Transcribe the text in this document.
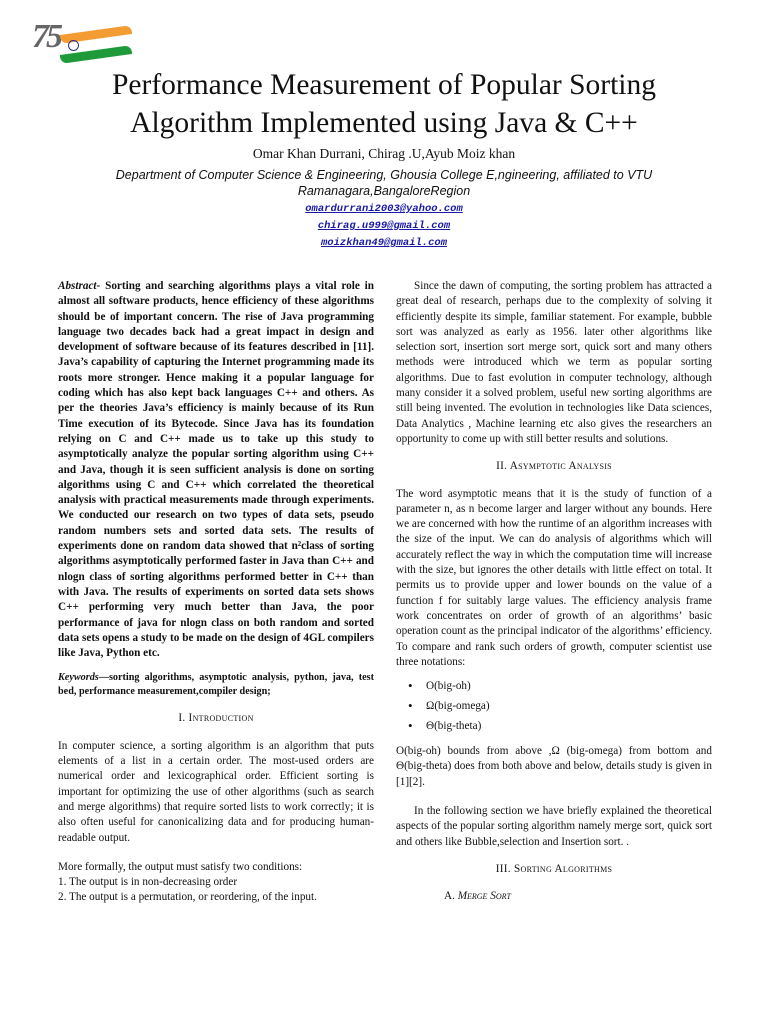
75
Performance Measurement of Popular Sorting Algorithm Implemented using Java & C++
Omar Khan Durrani, Chirag .U,Ayub Moiz khan
Department of Computer Science & Engineering, Ghousia College E,ngineering, affiliated to VTU Ramanagara,BangaloreRegion
omardurrani2003@yahoo.com
chirag.u999@gmail.com
moizkhan49@gmail.com

Abstract- Sorting and searching algorithms plays a vital role in almost all software products, hence efficiency of these algorithms should be of important concern. The rise of Java programming language two decades back had a great impact in design and development of software because of its features described in [11]. Java’s capability of capturing the Internet programming made its roots more stronger. Hence making it a popular language for coding which has also kept back languages C++ and others. As per the theories Java’s efficiency is mainly because of its Run Time execution of its Bytecode. Since Java has its foundation relying on C and C++ made us to take up this study to asymptotically analyze the popular sorting algorithm using C++ and Java, though it is seen sufficient analysis is done on sorting algorithms using C and C++ which correlated the theoretical analysis with practical measurements made through experiments. We conducted our research on two types of data sets, pseudo random numbers sets and sorted data sets. The results of experiments done on random data showed that n²class of sorting algorithms asymptotically performed faster in Java than C++ and nlogn class of sorting algorithms performed better in C++ than with Java. The results of experiments on sorted data sets shows C++ performing very much better than Java, the poor performance of java for nlogn class on both random and sorted data sets opens a study to be made on the design of 4GL compilers like Java, Python etc.

Keywords—sorting algorithms, asymptotic analysis, python, java, test bed, performance measurement,compiler design;

I. Introduction

In computer science, a sorting algorithm is an algorithm that puts elements of a list in a certain order. The most-used orders are numerical order and lexicographical order. Efficient sorting is important for optimizing the use of other algorithms (such as search and merge algorithms) that require sorted lists to work correctly; it is also often useful for canonicalizing data and for producing human-readable output.

More formally, the output must satisfy two conditions:
1. The output is in non-decreasing order
2. The output is a permutation, or reordering, of the input.

Since the dawn of computing, the sorting problem has attracted a great deal of research, perhaps due to the complexity of solving it efficiently despite its simple, familiar statement. For example, bubble sort was analyzed as early as 1956. later other algorithms like selection sort, insertion sort merge sort, quick sort and many others methods were introduced which we term as popular sorting algorithms. Due to fast evolution in computer technology, although many consider it a solved problem, useful new sorting algorithms are still being invented. The evolution in technologies like Data sciences, Data Analytics , Machine learning etc also gives the researchers an opportunity to come up with still better results and solutions.

II. Asymptotic Analysis

The word asymptotic means that it is the study of function of a parameter n, as n become larger and larger without any bounds. Here we are concerned with how the runtime of an algorithm increases with the size of the input. We can do analysis of algorithms which will accurately reflect the way in which the computation time will increase with the size, but ignores the other details with little effect on total. It permits us to provide upper and lower bounds on the value of a function f for suitably large values. The efficiency analysis frame work concentrates on order of growth of an algorithms’ basic operation count as the principal indicator of the algorithms’ efficiency. To compare and rank such orders of growth, computer scientist use three notations:

• O(big-oh)
• Ω(big-omega)
• Θ(big-theta)

O(big-oh) bounds from above ,Ω (big-omega) from bottom and Θ(big-theta) does from both above and below, details study is given in [1][2].

In the following section we have briefly explained the theoretical aspects of the popular sorting algorithm namely merge sort, quick sort and others like Bubble,selection and Insertion sort. .

III. Sorting Algorithms

A. Merge Sort
